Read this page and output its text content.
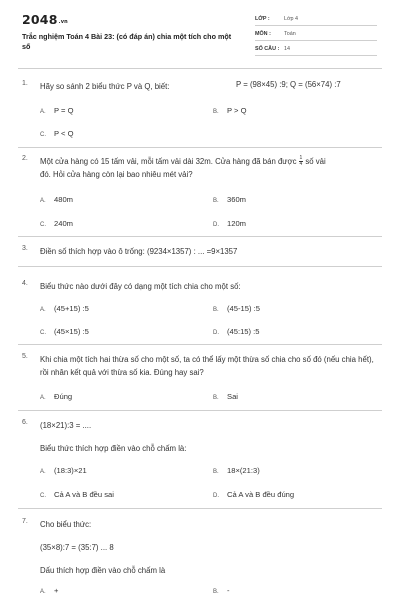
2048.vn
Trắc nghiệm Toán 4 Bài 23: (có đáp án) chia một tích cho một số
LỚP :	Lớp 4
MÔN : Toán
SỐ CÂU : 14
1. Hãy so sánh 2 biểu thức P và Q, biết:	P = (98×45) :9; Q = (56×74) :7
A. P = Q	B. P > Q
C. P < Q
2. Một cửa hàng có 15 tấm vải, mỗi tấm vải dài 32m. Cửa hàng đã bán được $\frac{1}{4}$ số vải
đó. Hỏi cửa hàng còn lại bao nhiêu mét vải?
A. 480m	B. 360m
C. 240m	D. 120m
3. Điền số thích hợp vào ô trống: (9234×1357) : ... =9×1357
4. Biểu thức nào dưới đây có dạng một tích chia cho một số:
A. (45+15) :5	B. (45-15) :5
C. (45×15) :5	D. (45:15) :5
5. Khi chia một tích hai thừa số cho một số, ta có thể lấy một thừa số chia cho số đó (nếu chia hết), rồi nhân kết quả với thừa số kia. Đúng hay sai?
A. Đúng	B. Sai
6. (18×21):3 = ....
Biểu thức thích hợp điền vào chỗ chấm là:
A. (18:3)×21	B. 18×(21:3)
C. Cả A và B đều sai	D. Cả A và B đều đúng
7. Cho biểu thức:
(35×8):7 = (35:7) ... 8
Dấu thích hợp điền vào chỗ chấm là
A. +	B. -
